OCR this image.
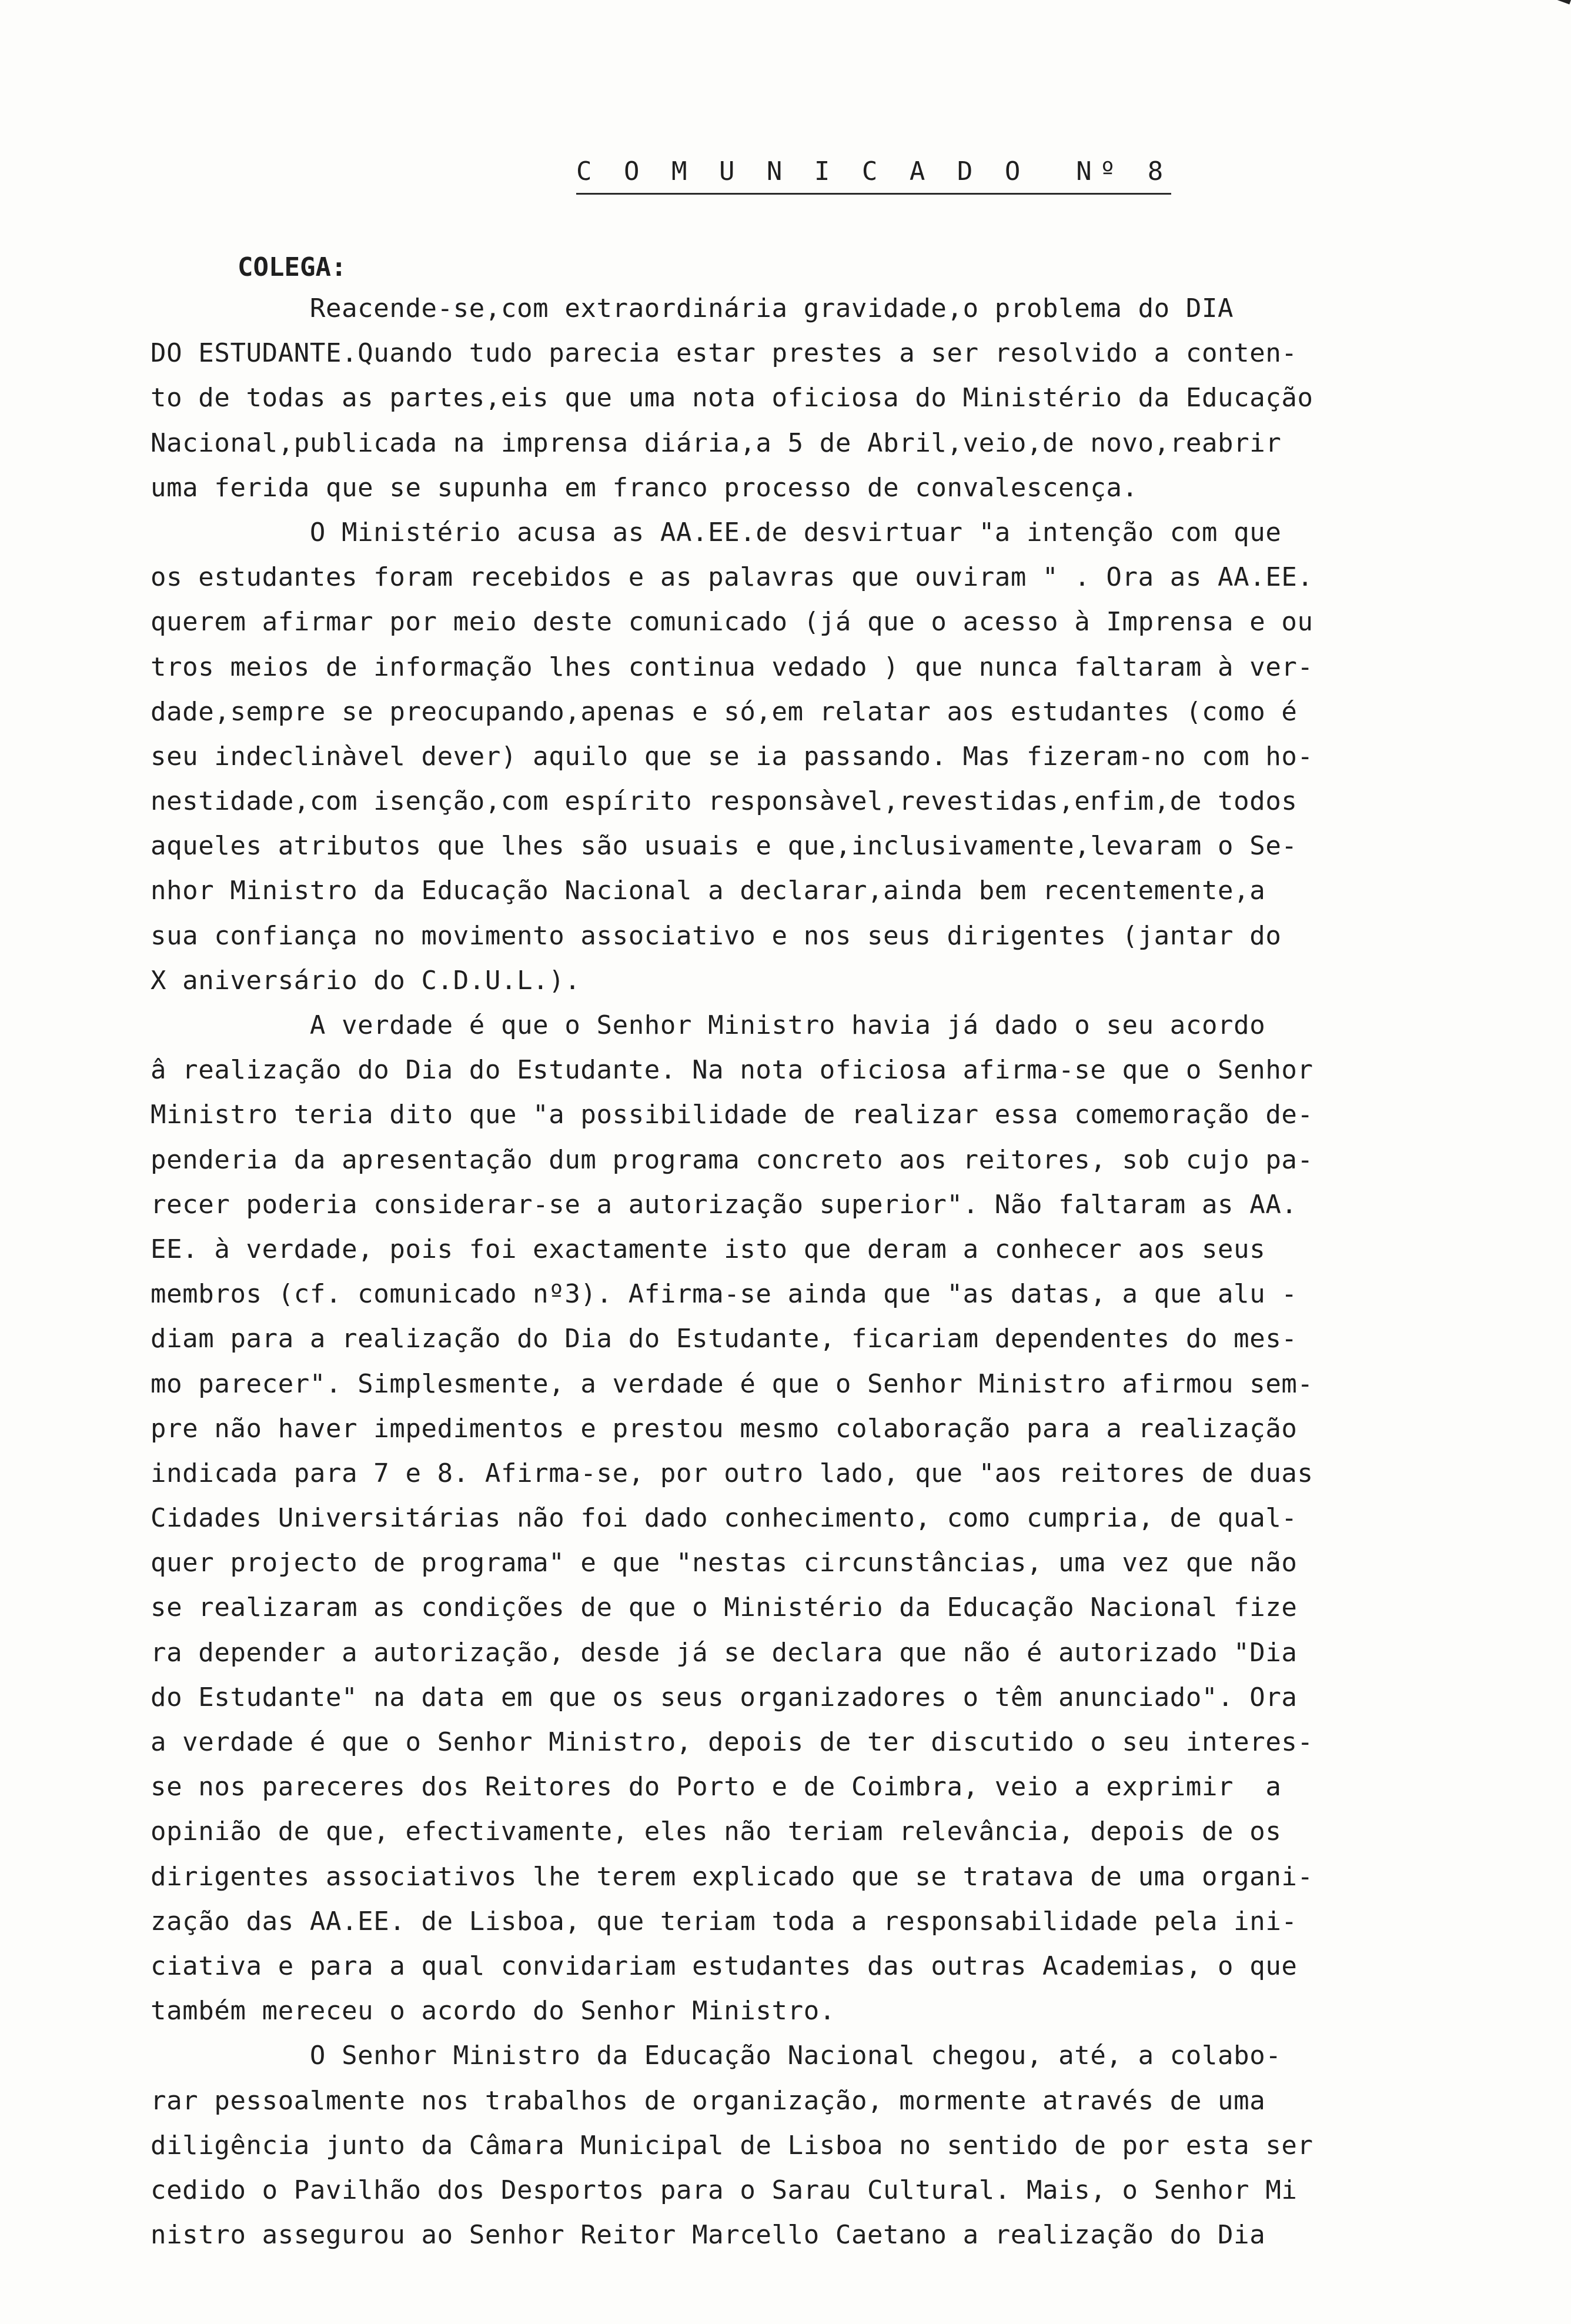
C O M U N I C A D O  Nº 8
COLEGA:
Reacende-se,com extraordinária gravidade,o problema do DIA
DO ESTUDANTE.Quando tudo parecia estar prestes a ser resolvido a conten-
to de todas as partes,eis que uma nota oficiosa do Ministério da Educação
Nacional,publicada na imprensa diária,a 5 de Abril,veio,de novo,reabrir
uma ferida que se supunha em franco processo de convalescença.
O Ministério acusa as AA.EE.de desvirtuar "a intenção com que
os estudantes foram recebidos e as palavras que ouviram " . Ora as AA.EE.
querem afirmar por meio deste comunicado (já que o acesso à Imprensa e ou
tros meios de informação lhes continua vedado ) que nunca faltaram à ver-
dade,sempre se preocupando,apenas e só,em relatar aos estudantes (como é
seu indeclinàvel dever) aquilo que se ia passando. Mas fizeram-no com ho-
nestidade,com isenção,com espírito responsàvel,revestidas,enfim,de todos
aqueles atributos que lhes são usuais e que,inclusivamente,levaram o Se-
nhor Ministro da Educação Nacional a declarar,ainda bem recentemente,a
sua confiança no movimento associativo e nos seus dirigentes (jantar do
X aniversário do C.D.U.L.).
A verdade é que o Senhor Ministro havia já dado o seu acordo
â realização do Dia do Estudante. Na nota oficiosa afirma-se que o Senhor
Ministro teria dito que "a possibilidade de realizar essa comemoração de-
penderia da apresentação dum programa concreto aos reitores, sob cujo pa-
recer poderia considerar-se a autorização superior". Não faltaram as AA.
EE. à verdade, pois foi exactamente isto que deram a conhecer aos seus
membros (cf. comunicado nº3). Afirma-se ainda que "as datas, a que alu -
diam para a realização do Dia do Estudante, ficariam dependentes do mes-
mo parecer". Simplesmente, a verdade é que o Senhor Ministro afirmou sem-
pre não haver impedimentos e prestou mesmo colaboração para a realização
indicada para 7 e 8. Afirma-se, por outro lado, que "aos reitores de duas
Cidades Universitárias não foi dado conhecimento, como cumpria, de qual-
quer projecto de programa" e que "nestas circunstâncias, uma vez que não
se realizaram as condições de que o Ministério da Educação Nacional fize
ra depender a autorização, desde já se declara que não é autorizado "Dia
do Estudante" na data em que os seus organizadores o têm anunciado". Ora
a verdade é que o Senhor Ministro, depois de ter discutido o seu interes-
se nos pareceres dos Reitores do Porto e de Coimbra, veio a exprimir  a
opinião de que, efectivamente, eles não teriam relevância, depois de os
dirigentes associativos lhe terem explicado que se tratava de uma organi-
zação das AA.EE. de Lisboa, que teriam toda a responsabilidade pela ini-
ciativa e para a qual convidariam estudantes das outras Academias, o que
também mereceu o acordo do Senhor Ministro.
O Senhor Ministro da Educação Nacional chegou, até, a colabo-
rar pessoalmente nos trabalhos de organização, mormente através de uma
diligência junto da Câmara Municipal de Lisboa no sentido de por esta ser
cedido o Pavilhão dos Desportos para o Sarau Cultural. Mais, o Senhor Mi
nistro assegurou ao Senhor Reitor Marcello Caetano a realização do Dia
